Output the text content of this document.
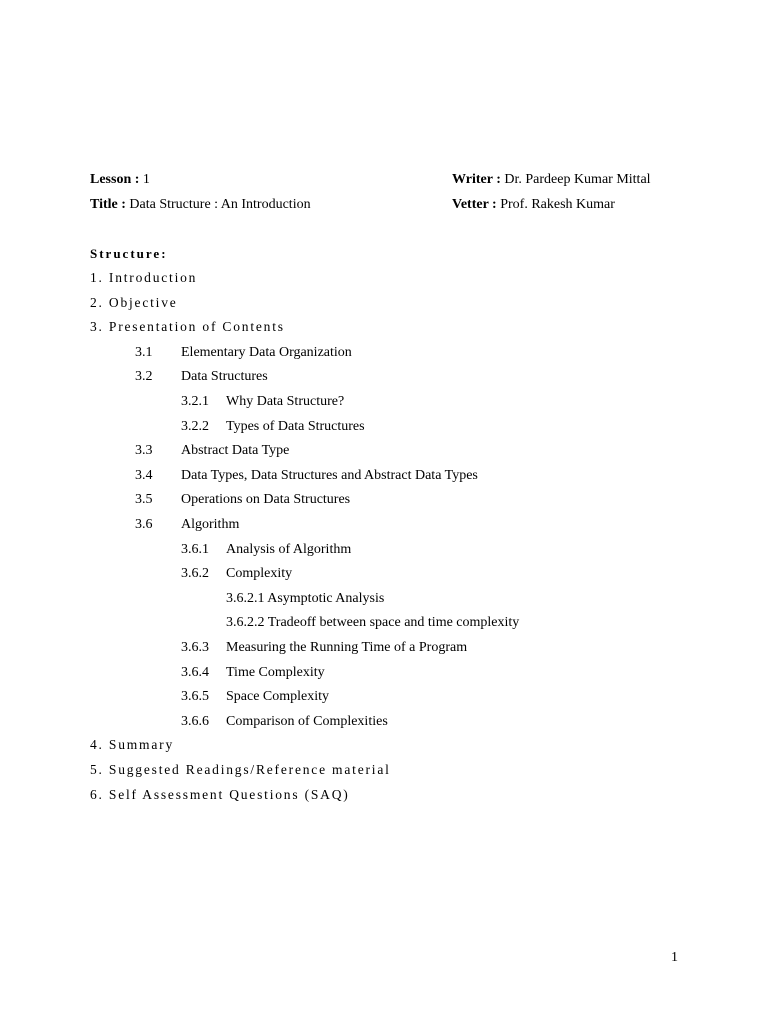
Lesson : 1	Writer : Dr. Pardeep Kumar Mittal
Title : Data Structure : An Introduction	Vetter : Prof. Rakesh Kumar
Structure:
1. Introduction
2. Objective
3. Presentation of Contents
3.1 Elementary Data Organization
3.2 Data Structures
3.2.1 Why Data Structure?
3.2.2 Types of Data Structures
3.3 Abstract Data Type
3.4 Data Types, Data Structures and Abstract Data Types
3.5 Operations on Data Structures
3.6 Algorithm
3.6.1 Analysis of Algorithm
3.6.2 Complexity
3.6.2.1 Asymptotic Analysis
3.6.2.2 Tradeoff between space and time complexity
3.6.3 Measuring the Running Time of a Program
3.6.4 Time Complexity
3.6.5 Space Complexity
3.6.6 Comparison of Complexities
4. Summary
5. Suggested Readings/Reference material
6. Self Assessment Questions (SAQ)
1
